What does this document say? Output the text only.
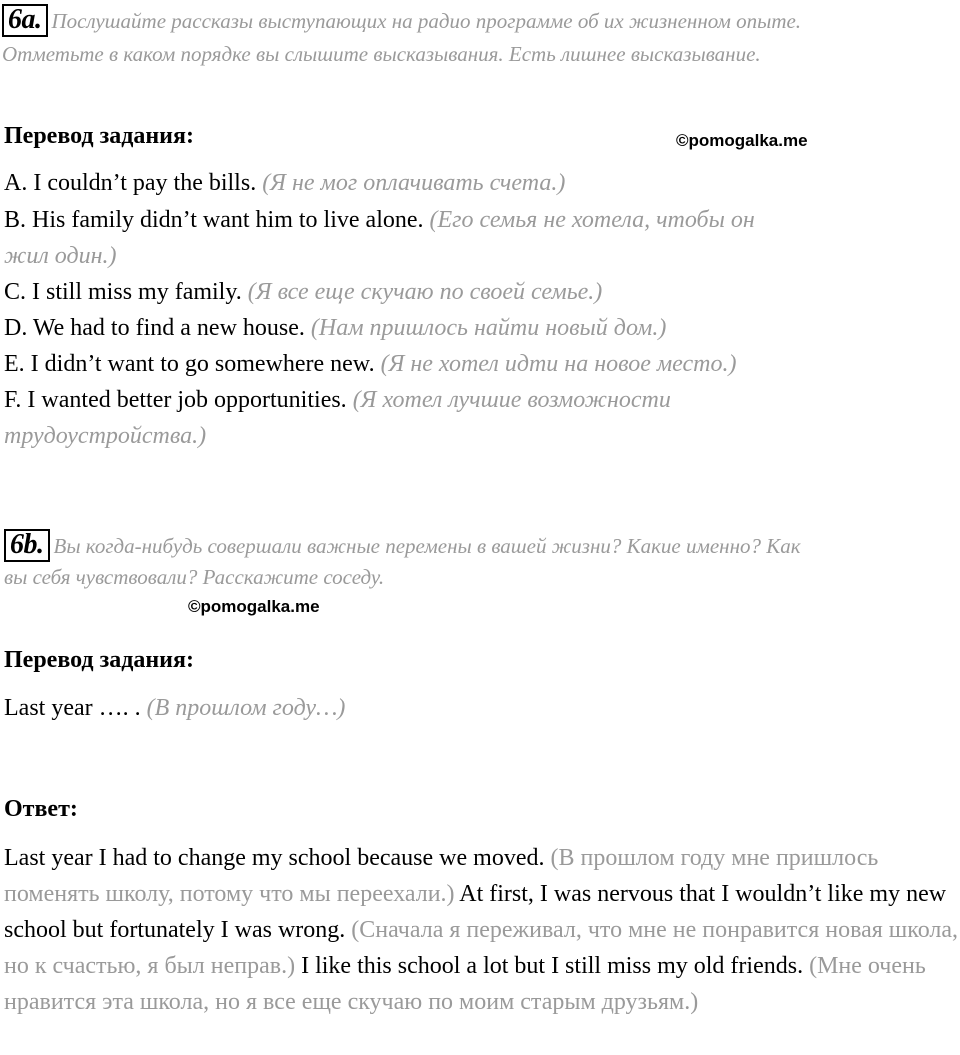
6a. Послушайте рассказы выступающих на радио программе об их жизненном опыте.
Отметьте в каком порядке вы слышите высказывания. Есть лишнее высказывание.
Перевод задания:	©pomogalka.me
A. I couldn’t pay the bills. (Я не мог оплачивать счета.)
B. His family didn’t want him to live alone. (Его семья не хотела, чтобы он
жил один.)
C. I still miss my family. (Я все еще скучаю по своей семье.)
D. We had to find a new house. (Нам пришлось найти новый дом.)
E. I didn’t want to go somewhere new. (Я не хотел идти на новое место.)
F. I wanted better job opportunities. (Я хотел лучшие возможности
трудоустройства.)
6b. Вы когда-нибудь совершали важные перемены в вашей жизни? Какие именно? Как
вы себя чувствовали? Расскажите соседу.
©pomogalka.me
Перевод задания:
Last year …. . (В прошлом году…)
Ответ:
Last year I had to change my school because we moved. (В прошлом году мне пришлось поменять школу, потому что мы переехали.) At first, I was nervous that I wouldn’t like my new school but fortunately I was wrong. (Сначала я переживал, что мне не понравится новая школа, но к счастью, я был неправ.) I like this school a lot but I still miss my old friends. (Мне очень нравится эта школа, но я все еще скучаю по моим старым друзьям.)
